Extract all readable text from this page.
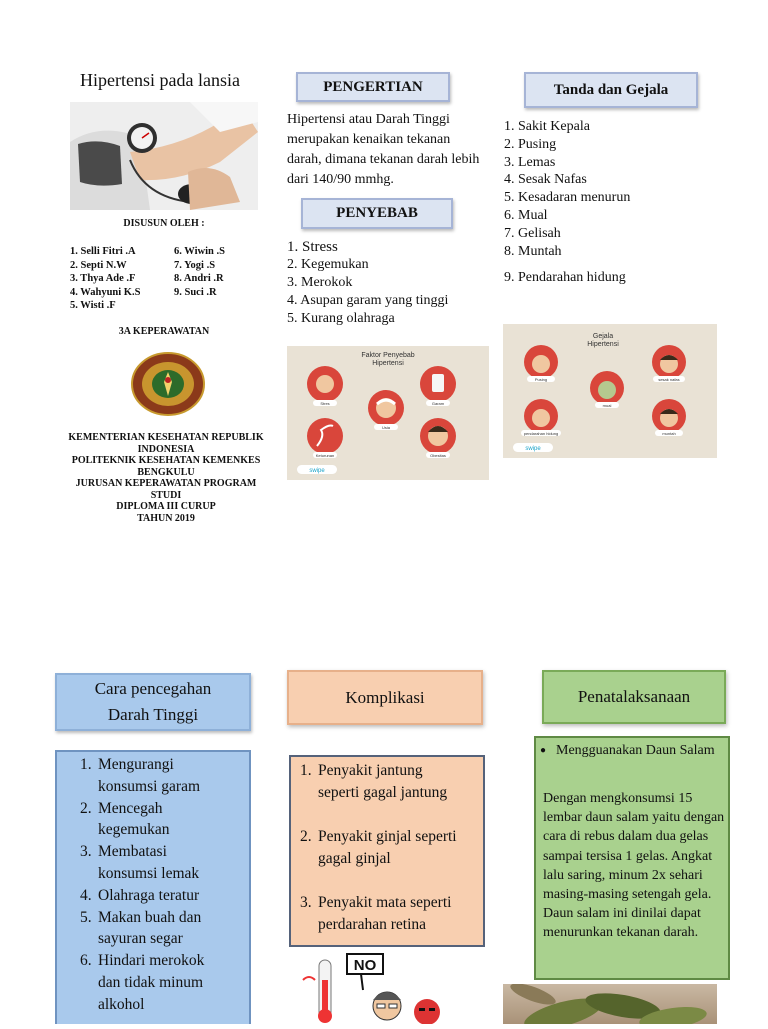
Hipertensi pada lansia
DISUSUN OLEH :
1. Selli Fitri .A
2. Septi N.W
3. Thya Ade .F
4. Wahyuni K.S
5. Wisti .F
6. Wiwin .S
7. Yogi .S
8. Andri .R
9. Suci .R
3A KEPERAWATAN
KEMENTERIAN KESEHATAN REPUBLIK INDONESIA
POLITEKNIK KESEHATAN KEMENKES BENGKULU
JURUSAN KEPERAWATAN PROGRAM STUDI
DIPLOMA III CURUP
TAHUN 2019
PENGERTIAN
Hipertensi atau Darah Tinggi merupakan kenaikan tekanan darah, dimana tekanan darah lebih dari 140/90 mmhg.
PENYEBAB
1. Stress
2. Kegemukan
3. Merokok
4. Asupan garam yang tinggi
5. Kurang olahraga
Faktor Penyebab
Hipertensi
Stres	Garam
Usia
Keturunan	Obesitas
swipe
Tanda dan Gejala
1. Sakit Kepala
2. Pusing
3. Lemas
4. Sesak Nafas
5. Kesadaran menurun
6. Mual
7. Gelisah
8. Muntah
9. Pendarahan hidung
Gejala
Hipertensi
Pusing	sesak nafas
mual
pendarahan hidung	muntah
swipe
Cara pencegahan
Darah Tinggi
1. Mengurangi
konsumsi garam
2. Mencegah
kegemukan
3. Membatasi
konsumsi lemak
4. Olahraga teratur
5. Makan buah dan
sayuran segar
6. Hindari merokok
dan tidak minum
alkohol
Komplikasi
1. Penyakit jantung
seperti gagal jantung
2. Penyakit ginjal seperti
gagal ginjal
3. Penyakit mata seperti
perdarahan retina
NO
Penatalaksanaan
● Mengguanakan Daun Salam
Dengan mengkonsumsi 15 lembar daun salam yaitu dengan cara di rebus dalam dua gelas sampai tersisa 1 gelas. Angkat lalu saring, minum 2x sehari masing-masing setengah gela. Daun salam ini dinilai dapat menurunkan tekanan darah.
